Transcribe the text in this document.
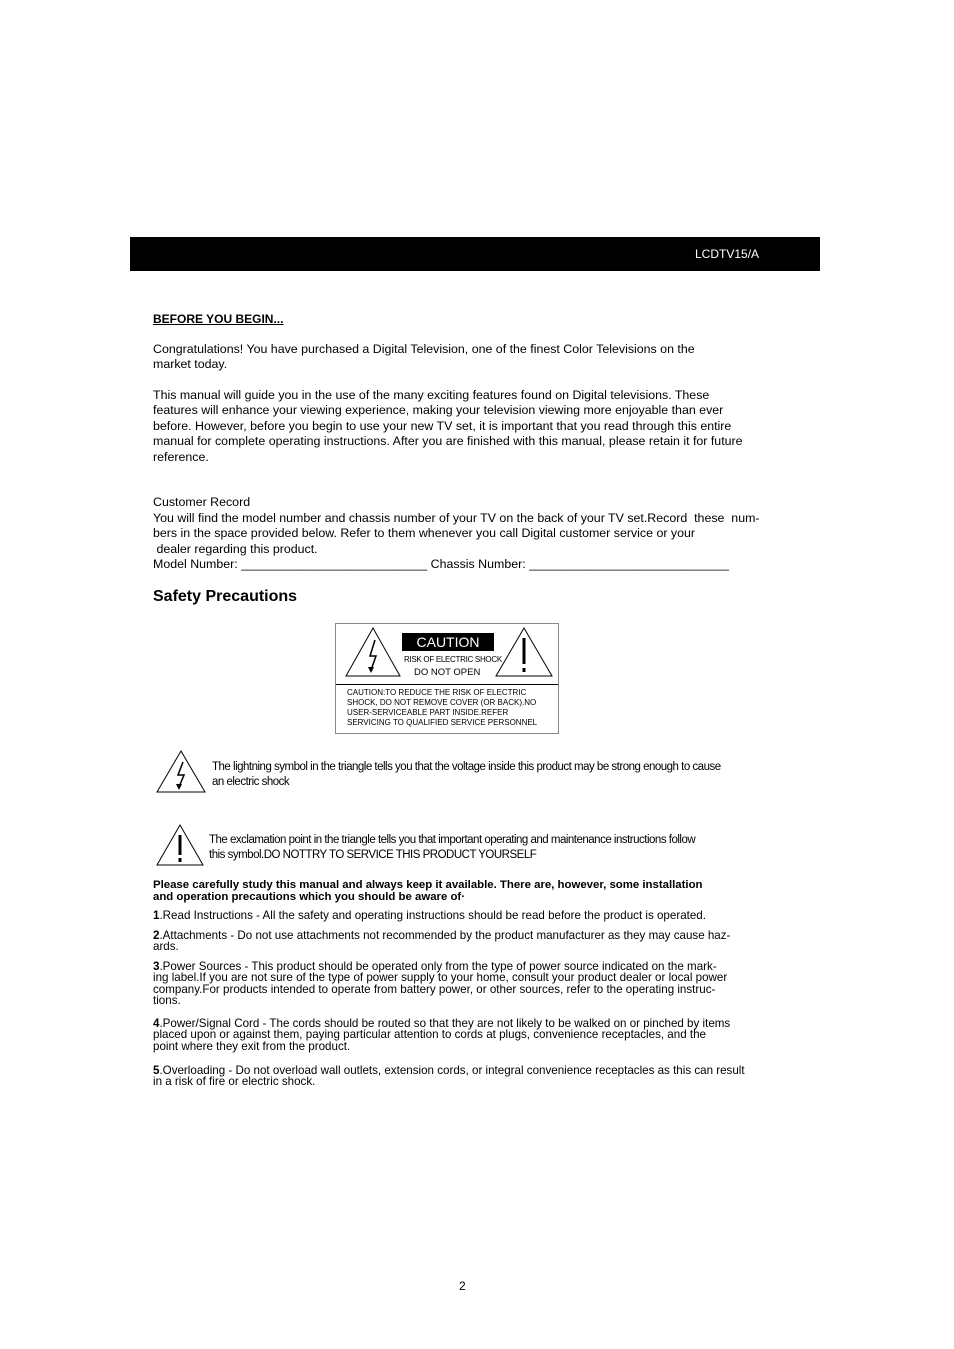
LCDTV15/A
BEFORE YOU BEGIN...

Congratulations! You have purchased a Digital Television, one of the finest Color Televisions on the
market today.

This manual will guide you in the use of the many exciting features found on Digital televisions. These
features will enhance your viewing experience, making your television viewing more enjoyable than ever
before. However, before you begin to use your new TV set, it is important that you read through this entire
manual for complete operating instructions. After you are finished with this manual, please retain it for future
reference.

Customer Record
You will find the model number and chassis number of your TV on the back of your TV set.Record  these  num-
bers in the space provided below. Refer to them whenever you call Digital customer service or your
dealer regarding this product.

Model Number: ___________________________ Chassis Number: _____________________________

Safety Precautions
CAUTION
RISK OF ELECTRIC SHOCK
DO NOT OPEN

CAUTION:TO REDUCE THE RISK OF ELECTRIC
SHOCK, DO NOT REMOVE COVER (OR BACK).NO
USER-SERVICEABLE PART INSIDE.REFER
SERVICING TO QUALIFIED SERVICE PERSONNEL

The lightning symbol in the triangle tells you that the voltage inside this product may be strong enough to cause
an electric shock

The exclamation point in the triangle tells you that important operating and maintenance instructions follow
this symbol.DO NOTTRY TO SERVICE THIS PRODUCT YOURSELF

Please carefully study this manual and always keep it available. There are, however, some installation
and operation precautions which you should be aware of·

1.Read Instructions - All the safety and operating instructions should be read before the product is operated.

2.Attachments - Do not use attachments not recommended by the product manufacturer as they may cause haz-
ards.

3.Power Sources - This product should be operated only from the type of power source indicated on the mark-
ing label.If you are not sure of the type of power supply to your home, consult your product dealer or local power
company.For products intended to operate from battery power, or other sources, refer to the operating instruc-
tions.

4.Power/Signal Cord - The cords should be routed so that they are not likely to be walked on or pinched by items
placed upon or against them, paying particular attention to cords at plugs, convenience receptacles, and the
point where they exit from the product.

5.Overloading - Do not overload wall outlets, extension cords, or integral convenience receptacles as this can result
in a risk of fire or electric shock.

2
